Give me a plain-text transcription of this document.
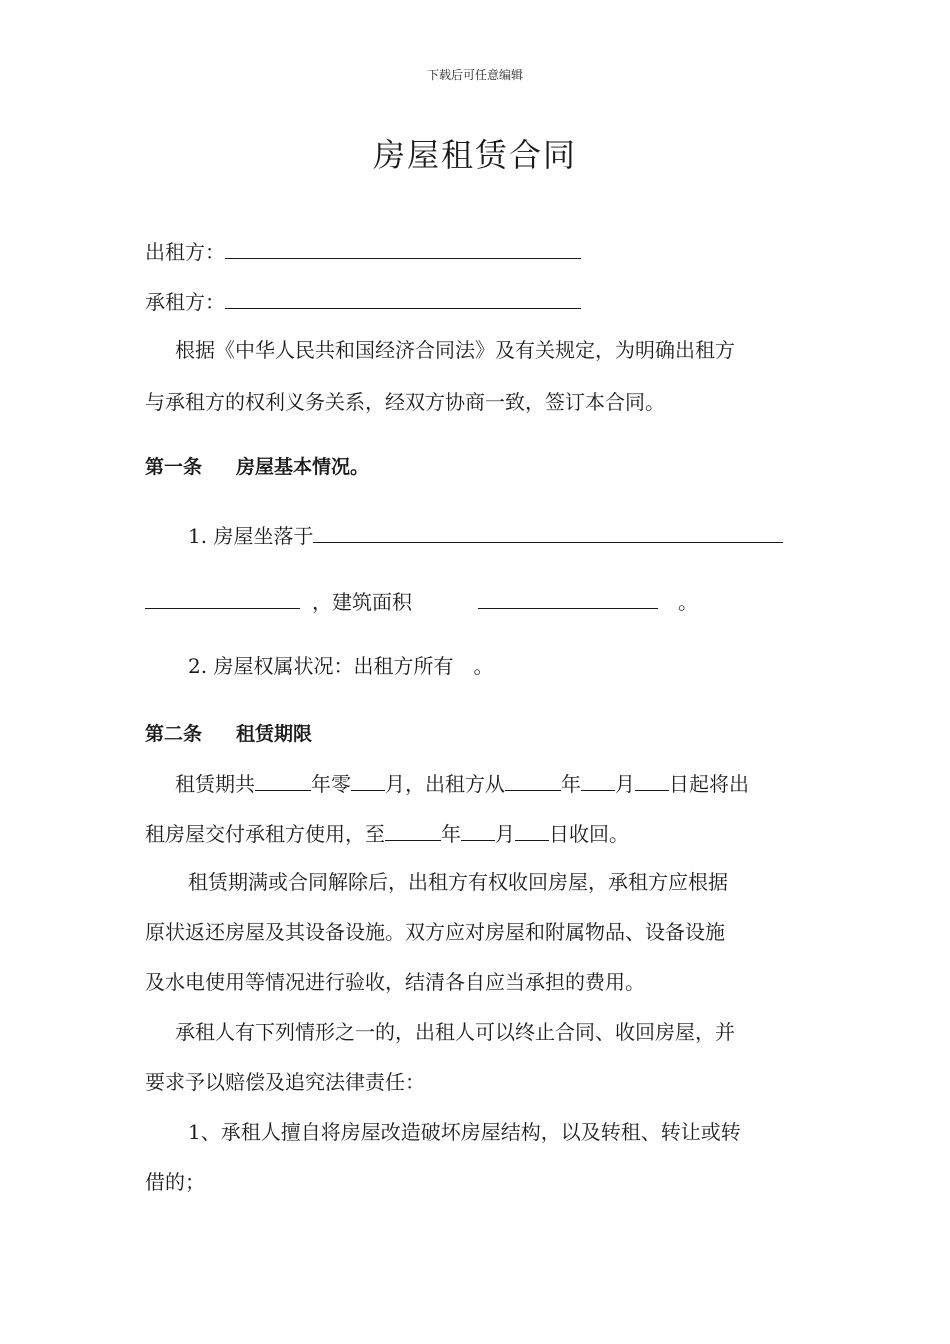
下载后可任意编辑
房屋租赁合同
出租方：
承租方：
根据《中华人民共和国经济合同法》及有关规定，为明确出租方
与承租方的权利义务关系，经双方协商一致，签订本合同。
第一条 房屋基本情况。
1. 房屋坐落于
，建筑面积	。
2. 房屋权属状况：出租方所有 。
第二条 租赁期限
租赁期共	年零 月，出租方从	年 月 日起将出
租房屋交付承租方使用，至	年 月 日收回。
租赁期满或合同解除后，出租方有权收回房屋，承租方应根据
原状返还房屋及其设备设施。双方应对房屋和附属物品、设备设施
及水电使用等情况进行验收，结清各自应当承担的费用。
承租人有下列情形之一的，出租人可以终止合同、收回房屋，并
要求予以赔偿及追究法律责任：
1、承租人擅自将房屋改造破坏房屋结构，以及转租、转让或转
借的；
